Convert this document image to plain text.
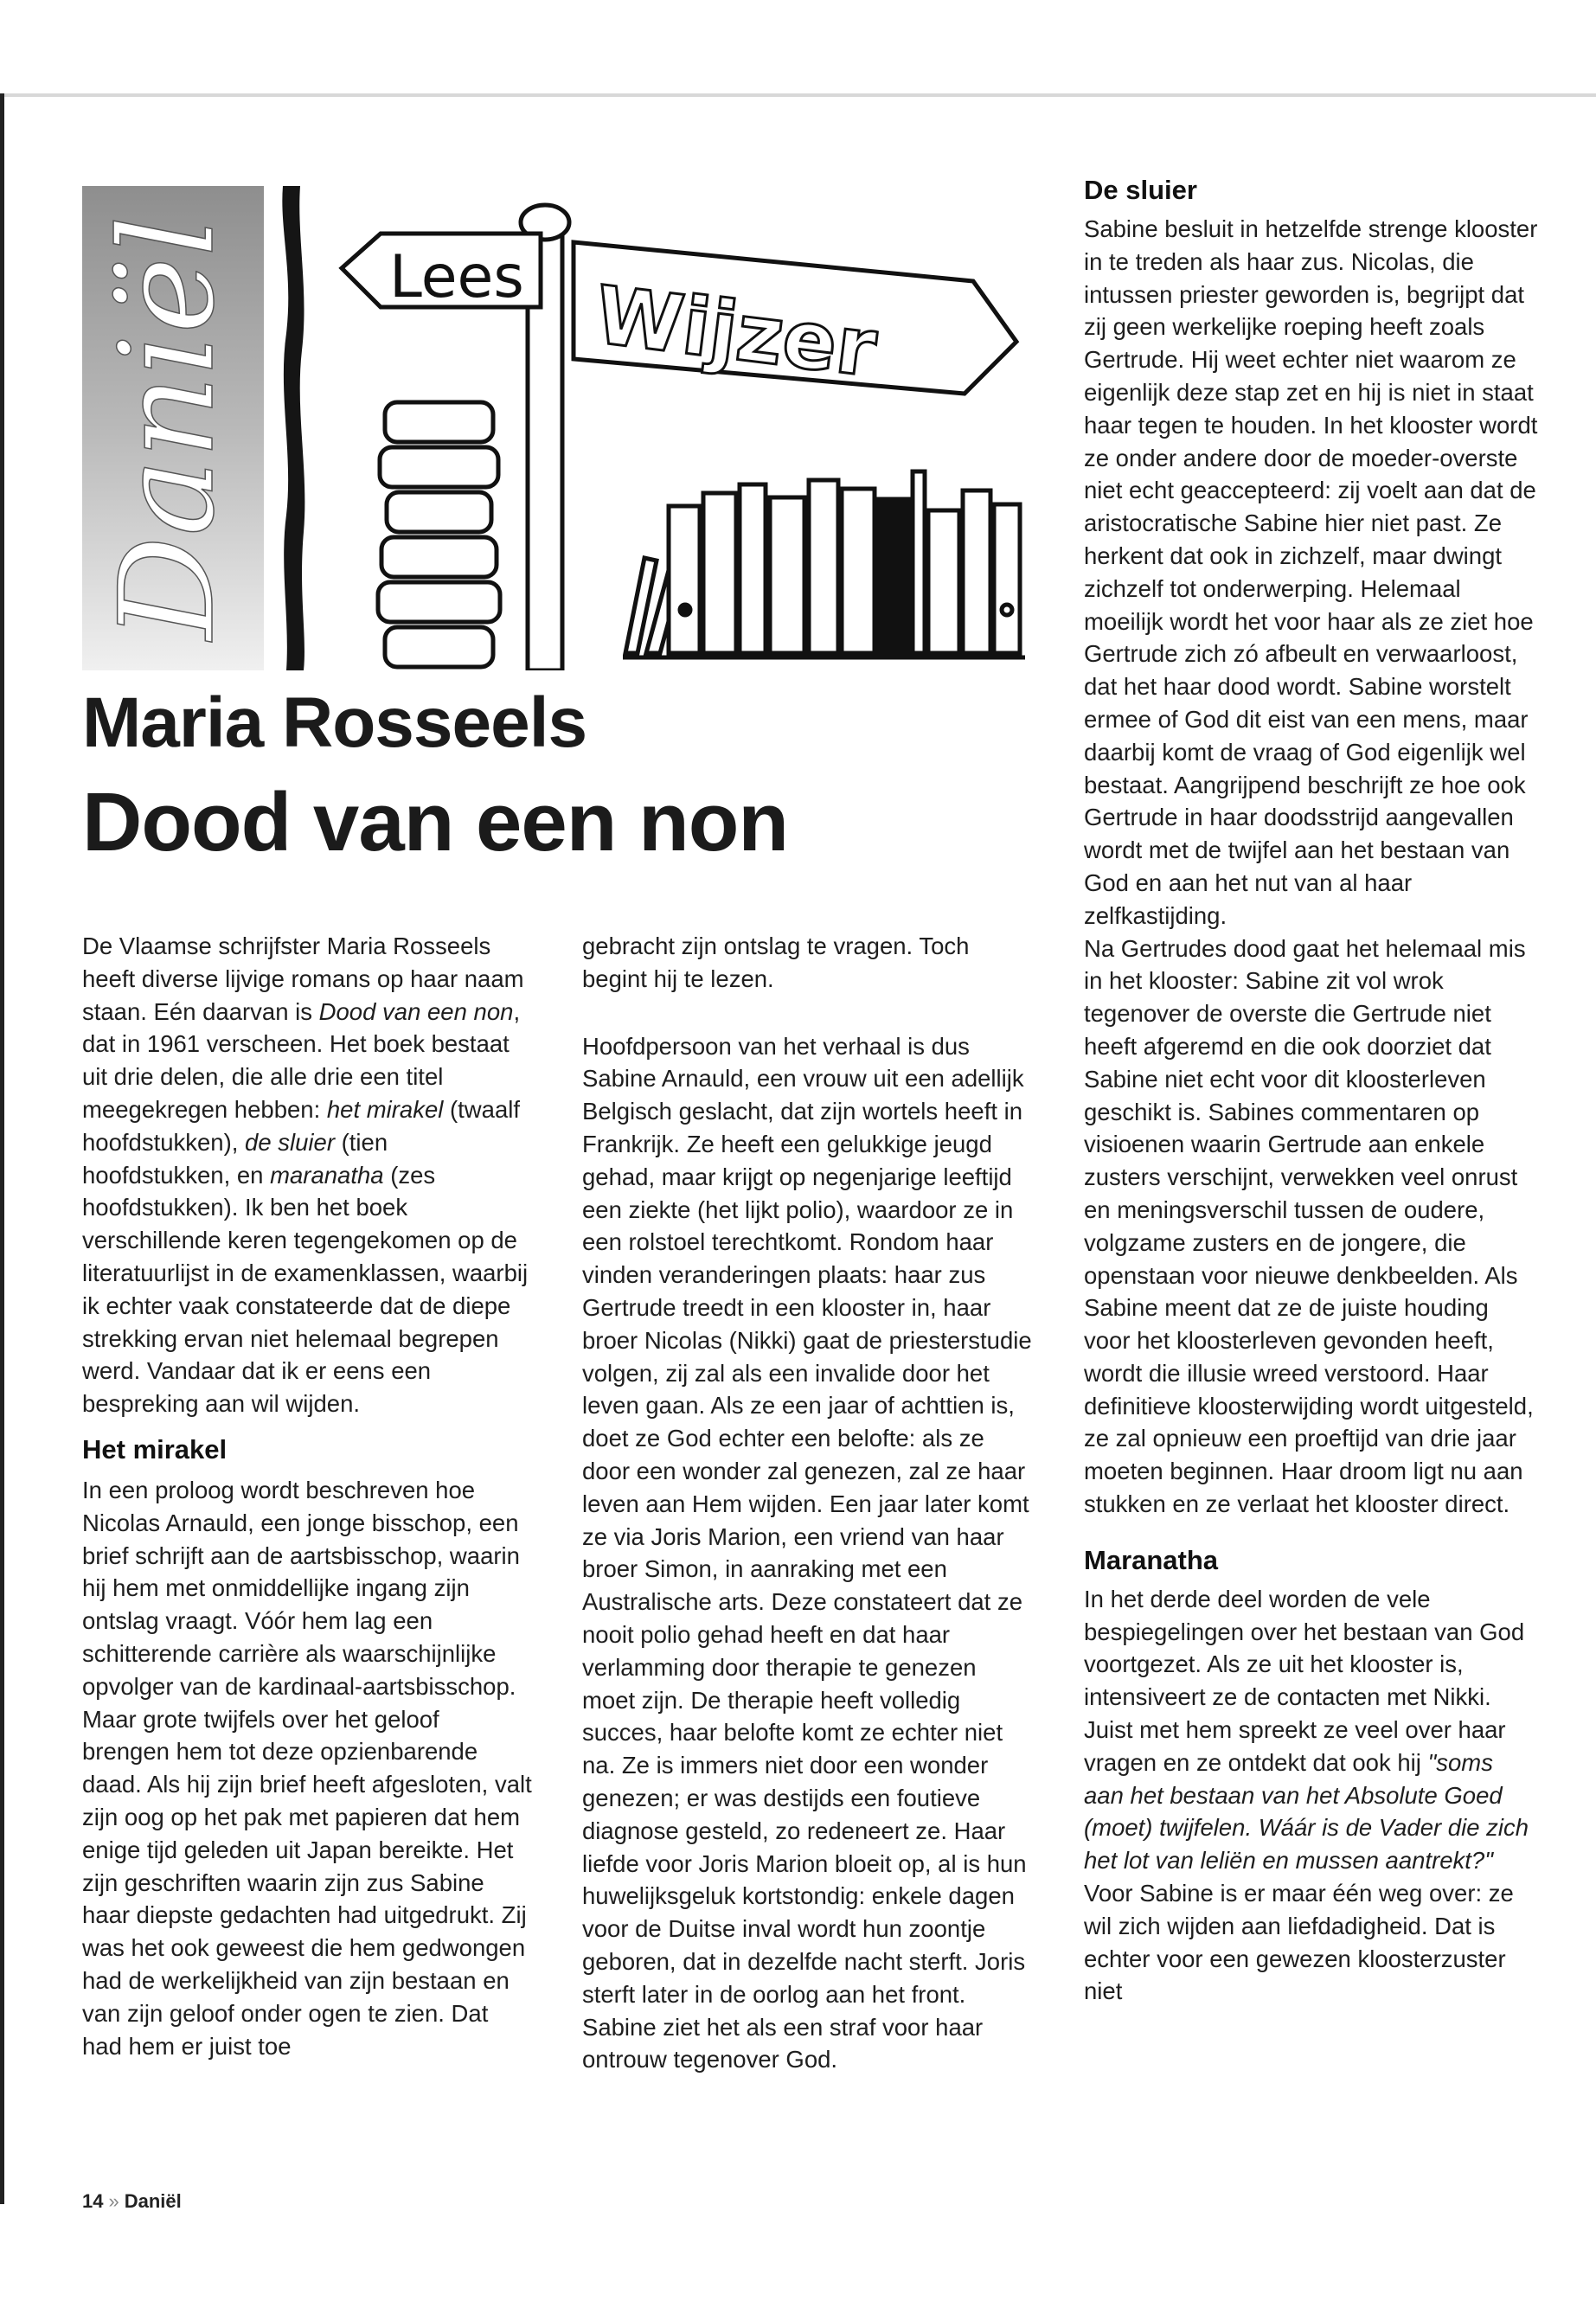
Daniël Lees Wijzer
Maria Rosseels
Dood van een non

De Vlaamse schrijfster Maria Rosseels heeft diverse lijvige romans op haar naam staan. Eén daarvan is Dood van een non, dat in 1961 verscheen. Het boek bestaat uit drie delen, die alle drie een titel meegekregen hebben: het mirakel (twaalf hoofdstukken), de sluier (tien hoofdstukken, en maranatha (zes hoofdstukken). Ik ben het boek verschillende keren tegengekomen op de literatuurlijst in de examenklassen, waarbij ik echter vaak constateerde dat de diepe strekking ervan niet helemaal begrepen werd. Vandaar dat ik er eens een bespreking aan wil wijden.

Het mirakel

In een proloog wordt beschreven hoe Nicolas Arnauld, een jonge bisschop, een brief schrijft aan de aartsbisschop, waarin hij hem met onmiddellijke ingang zijn ontslag vraagt. Vóór hem lag een schitterende carrière als waarschijnlijke opvolger van de kardinaal-aartsbisschop. Maar grote twijfels over het geloof brengen hem tot deze opzienbarende daad. Als hij zijn brief heeft afgesloten, valt zijn oog op het pak met papieren dat hem enige tijd geleden uit Japan bereikte. Het zijn geschriften waarin zijn zus Sabine haar diepste gedachten had uitgedrukt. Zij was het ook geweest die hem gedwongen had de werkelijkheid van zijn bestaan en van zijn geloof onder ogen te zien. Dat had hem er juist toe

gebracht zijn ontslag te vragen. Toch begint hij te lezen.

Hoofdpersoon van het verhaal is dus Sabine Arnauld, een vrouw uit een adellijk Belgisch geslacht, dat zijn wortels heeft in Frankrijk. Ze heeft een gelukkige jeugd gehad, maar krijgt op negenjarige leeftijd een ziekte (het lijkt polio), waardoor ze in een rolstoel terechtkomt. Rondom haar vinden veranderingen plaats: haar zus Gertrude treedt in een klooster in, haar broer Nicolas (Nikki) gaat de priesterstudie volgen, zij zal als een invalide door het leven gaan. Als ze een jaar of achttien is, doet ze God echter een belofte: als ze door een wonder zal genezen, zal ze haar leven aan Hem wijden. Een jaar later komt ze via Joris Marion, een vriend van haar broer Simon, in aanraking met een Australische arts. Deze constateert dat ze nooit polio gehad heeft en dat haar verlamming door therapie te genezen moet zijn. De therapie heeft volledig succes, haar belofte komt ze echter niet na. Ze is immers niet door een wonder genezen; er was destijds een foutieve diagnose gesteld, zo redeneert ze. Haar liefde voor Joris Marion bloeit op, al is hun huwelijksgeluk kortstondig: enkele dagen voor de Duitse inval wordt hun zoontje geboren, dat in dezelfde nacht sterft. Joris sterft later in de oorlog aan het front. Sabine ziet het als een straf voor haar ontrouw tegenover God.

De sluier

Sabine besluit in hetzelfde strenge klooster in te treden als haar zus. Nicolas, die intussen priester geworden is, begrijpt dat zij geen werkelijke roeping heeft zoals Gertrude. Hij weet echter niet waarom ze eigenlijk deze stap zet en hij is niet in staat haar tegen te houden. In het klooster wordt ze onder andere door de moeder-overste niet echt geaccepteerd: zij voelt aan dat de aristocratische Sabine hier niet past. Ze herkent dat ook in zichzelf, maar dwingt zichzelf tot onderwerping. Helemaal moeilijk wordt het voor haar als ze ziet hoe Gertrude zich zó afbeult en verwaarloost, dat het haar dood wordt. Sabine worstelt ermee of God dit eist van een mens, maar daarbij komt de vraag of God eigenlijk wel bestaat. Aangrijpend beschrijft ze hoe ook Gertrude in haar doodsstrijd aangevallen wordt met de twijfel aan het bestaan van God en aan het nut van al haar zelfkastijding.

Na Gertrudes dood gaat het helemaal mis in het klooster: Sabine zit vol wrok tegenover de overste die Gertrude niet heeft afgeremd en die ook doorziet dat Sabine niet echt voor dit kloosterleven geschikt is. Sabines commentaren op visioenen waarin Gertrude aan enkele zusters verschijnt, verwekken veel onrust en meningsverschil tussen de oudere, volgzame zusters en de jongere, die openstaan voor nieuwe denkbeelden. Als Sabine meent dat ze de juiste houding voor het kloosterleven gevonden heeft, wordt die illusie wreed verstoord. Haar definitieve kloosterwijding wordt uitgesteld, ze zal opnieuw een proeftijd van drie jaar moeten beginnen. Haar droom ligt nu aan stukken en ze verlaat het klooster direct.

Maranatha

In het derde deel worden de vele bespiegelingen over het bestaan van God voortgezet. Als ze uit het klooster is, intensiveert ze de contacten met Nikki. Juist met hem spreekt ze veel over haar vragen en ze ontdekt dat ook hij "soms aan het bestaan van het Absolute Goed (moet) twijfelen. Wáár is de Vader die zich het lot van leliën en mussen aantrekt?" Voor Sabine is er maar één weg over: ze wil zich wijden aan liefdadigheid. Dat is echter voor een gewezen kloosterzuster niet

14 » Daniël
